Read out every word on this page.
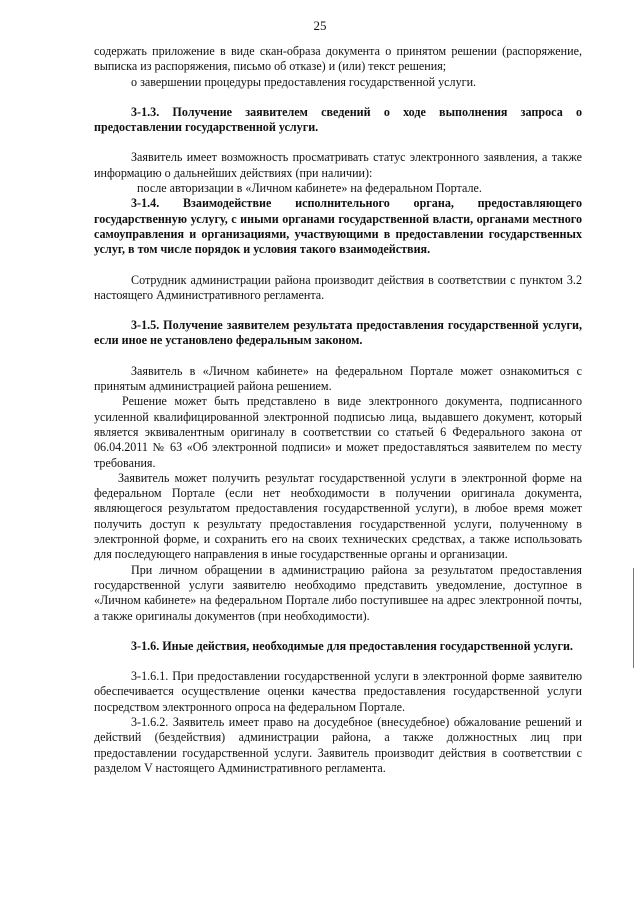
25

содержать приложение в виде скан-образа документа о принятом решении (распоряжение, выписка из распоряжения, письмо об отказе) и (или) текст решения;

о завершении процедуры предоставления государственной услуги.

3-1.3. Получение заявителем сведений о ходе выполнения запроса о предоставлении государственной услуги.

Заявитель имеет возможность просматривать статус электронного заявления, а также информацию о дальнейших действиях (при наличии):

после авторизации в «Личном кабинете» на федеральном Портале.

3-1.4. Взаимодействие исполнительного органа, предоставляющего государственную услугу, с иными органами государственной власти, органами местного самоуправления и организациями, участвующими в предоставлении государственных услуг, в том числе порядок и условия такого взаимодействия.

Сотрудник администрации района производит действия в соответствии с пунктом 3.2 настоящего Административного регламента.

3-1.5. Получение заявителем результата предоставления государственной услуги, если иное не установлено федеральным законом.

Заявитель в «Личном кабинете» на федеральном Портале может ознакомиться с принятым администрацией района решением.

Решение может быть представлено в виде электронного документа, подписанного усиленной квалифицированной электронной подписью лица, выдавшего документ, который является эквивалентным оригиналу в соответствии со статьей 6 Федерального закона от 06.04.2011 № 63 «Об электронной подписи» и может предоставляться заявителем по месту требования.

Заявитель может получить результат государственной услуги в электронной форме на федеральном Портале (если нет необходимости в получении оригинала документа, являющегося результатом предоставления государственной услуги), в любое время может получить доступ к результату предоставления государственной услуги, полученному в электронной форме, и сохранить его на своих технических средствах, а также использовать для последующего направления в иные государственные органы и организации.

При личном обращении в администрацию района за результатом предоставления государственной услуги заявителю необходимо представить уведомление, доступное в «Личном кабинете» на федеральном Портале либо поступившее на адрес электронной почты, а также оригиналы документов (при необходимости).

3-1.6. Иные действия, необходимые для предоставления государственной услуги.

3-1.6.1. При предоставлении государственной услуги в электронной форме заявителю обеспечивается осуществление оценки качества предоставления государственной услуги посредством электронного опроса на федеральном Портале.

3-1.6.2. Заявитель имеет право на досудебное (внесудебное) обжалование решений и действий (бездействия) администрации района, а также должностных лиц при предоставлении государственной услуги. Заявитель производит действия в соответствии с разделом V настоящего Административного регламента.
